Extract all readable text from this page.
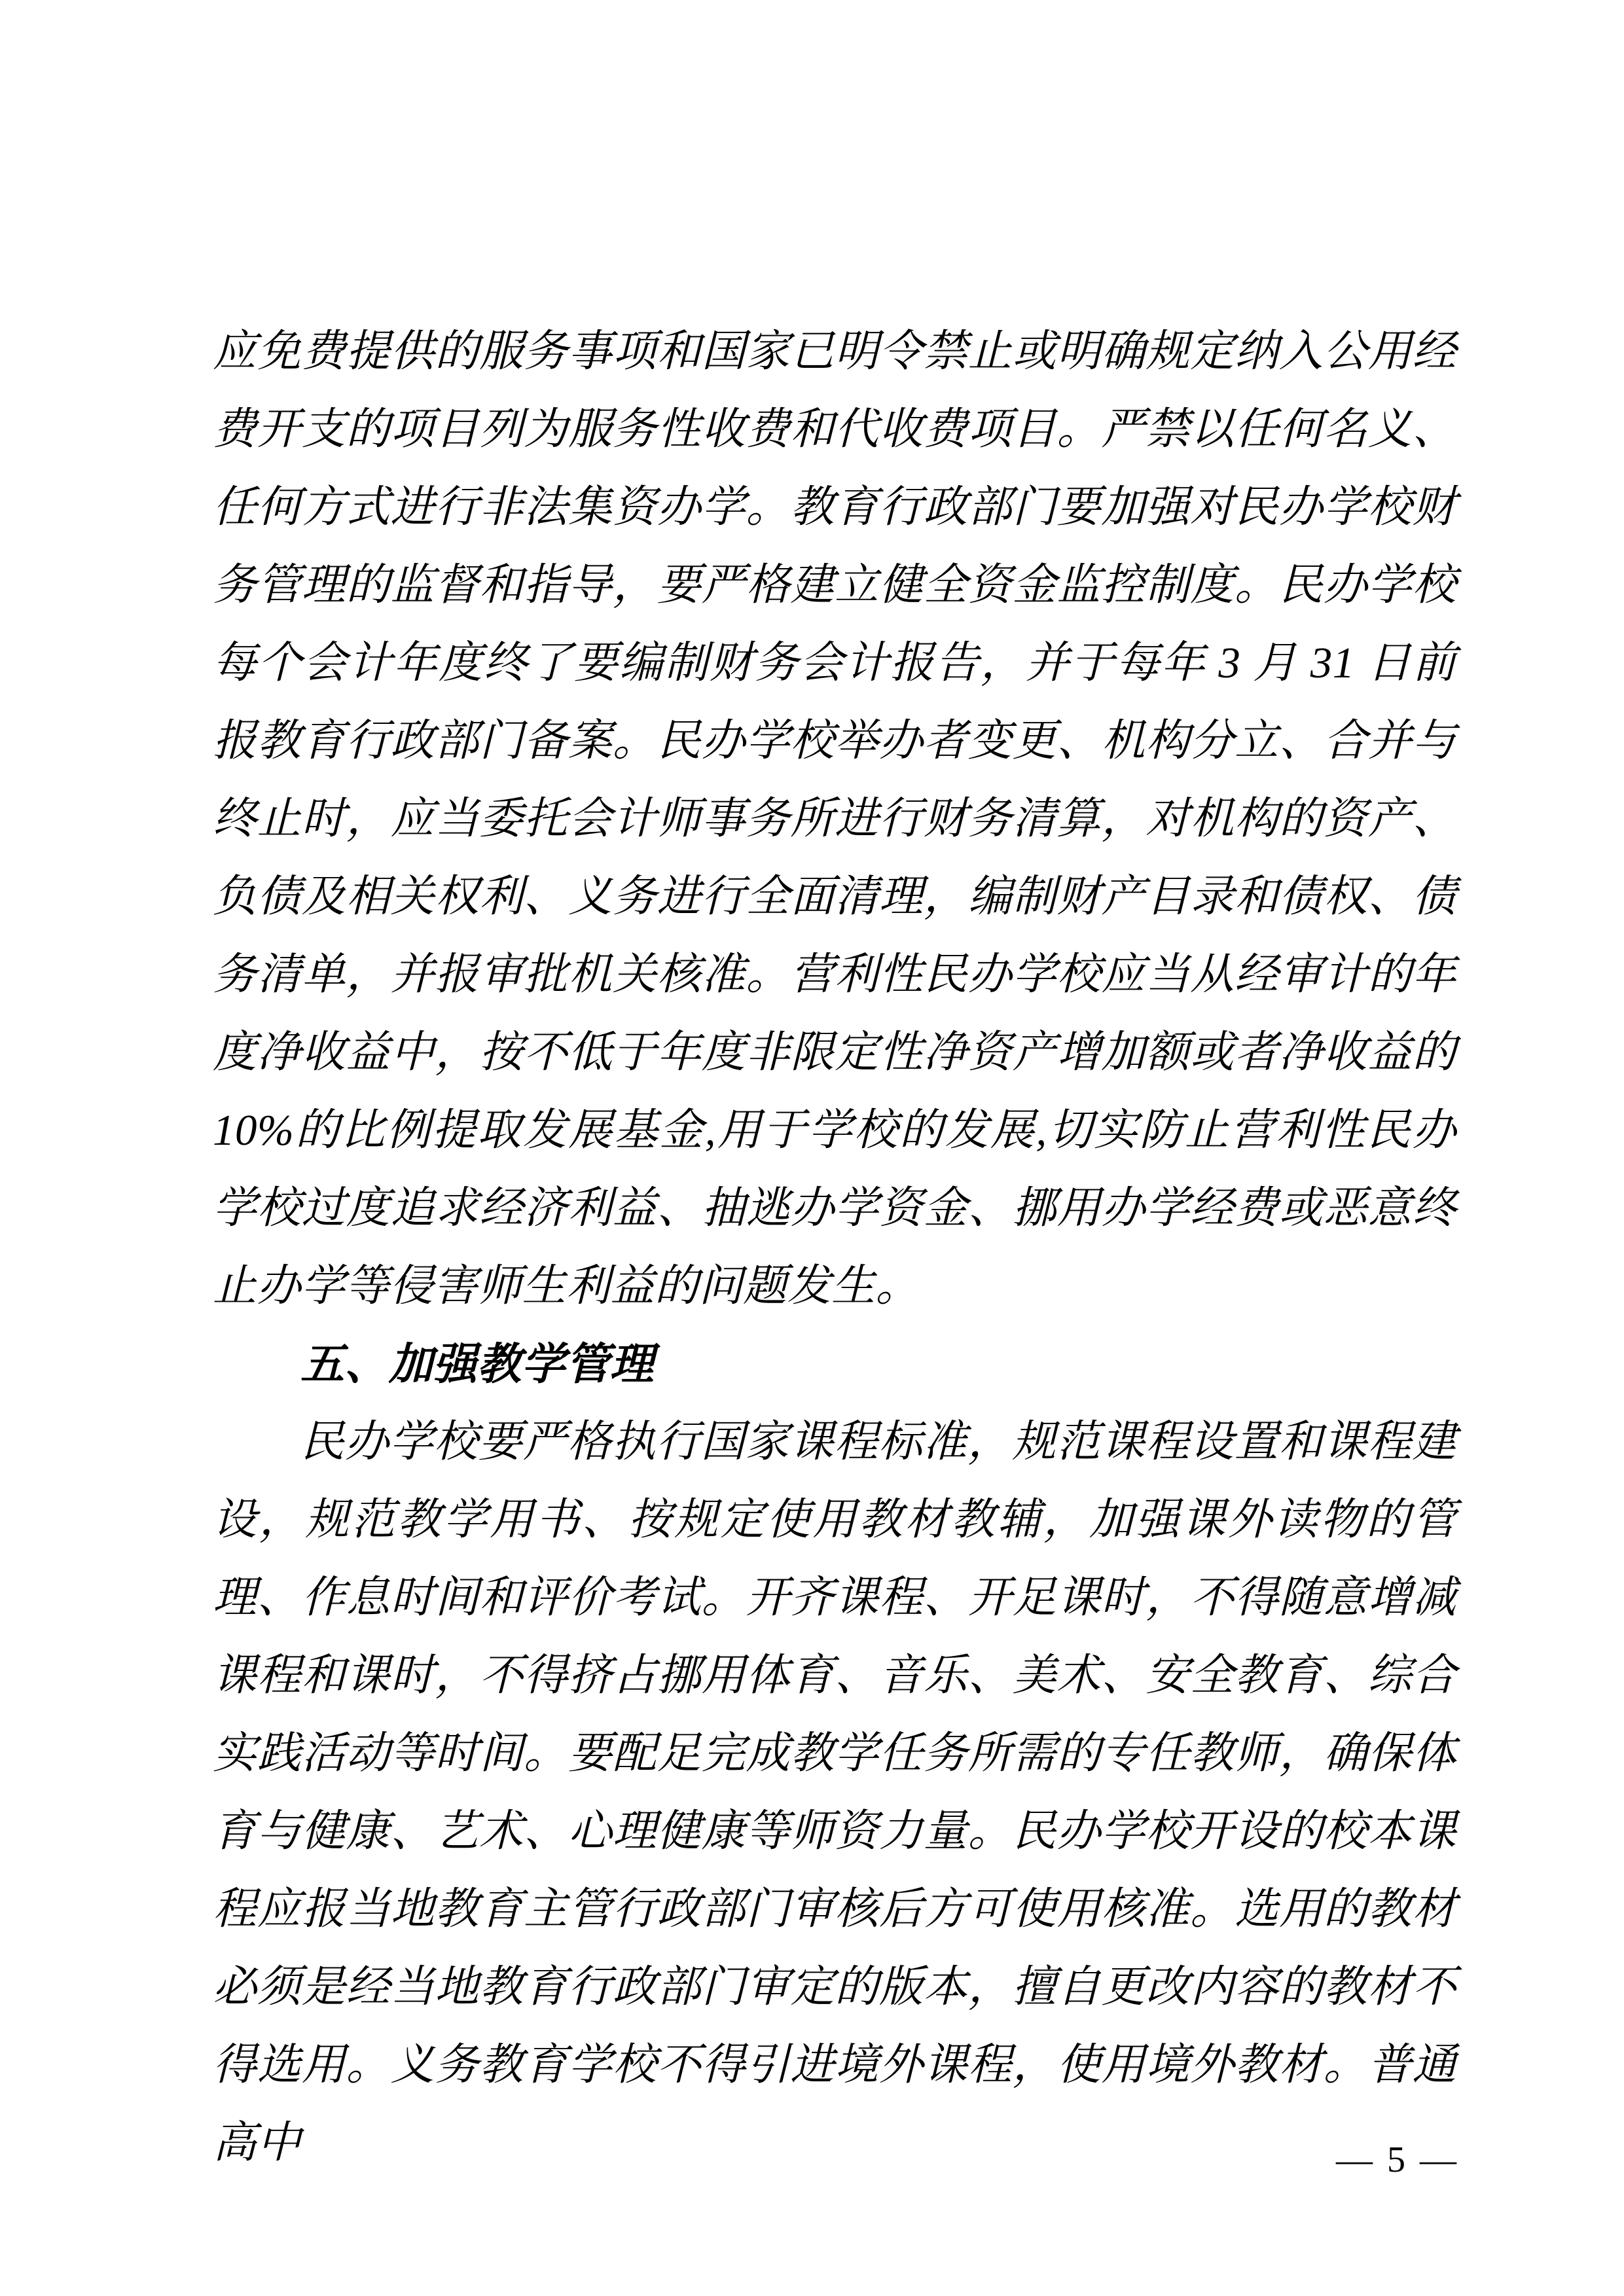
应免费提供的服务事项和国家已明令禁止或明确规定纳入公用经费开支的项目列为服务性收费和代收费项目。严禁以任何名义、任何方式进行非法集资办学。教育行政部门要加强对民办学校财务管理的监督和指导，要严格建立健全资金监控制度。民办学校每个会计年度终了要编制财务会计报告，并于每年 3 月 31 日前报教育行政部门备案。民办学校举办者变更、机构分立、合并与终止时，应当委托会计师事务所进行财务清算，对机构的资产、负债及相关权利、义务进行全面清理，编制财产目录和债权、债务清单，并报审批机关核准。营利性民办学校应当从经审计的年度净收益中，按不低于年度非限定性净资产增加额或者净收益的10%的比例提取发展基金,用于学校的发展,切实防止营利性民办学校过度追求经济利益、抽逃办学资金、挪用办学经费或恶意终止办学等侵害师生利益的问题发生。

五、加强教学管理

民办学校要严格执行国家课程标准，规范课程设置和课程建设，规范教学用书、按规定使用教材教辅，加强课外读物的管理、作息时间和评价考试。开齐课程、开足课时，不得随意增减课程和课时，不得挤占挪用体育、音乐、美术、安全教育、综合实践活动等时间。要配足完成教学任务所需的专任教师，确保体育与健康、艺术、心理健康等师资力量。民办学校开设的校本课程应报当地教育主管行政部门审核后方可使用核准。选用的教材必须是经当地教育行政部门审定的版本，擅自更改内容的教材不得选用。义务教育学校不得引进境外课程，使用境外教材。普通高中	— 5 —
